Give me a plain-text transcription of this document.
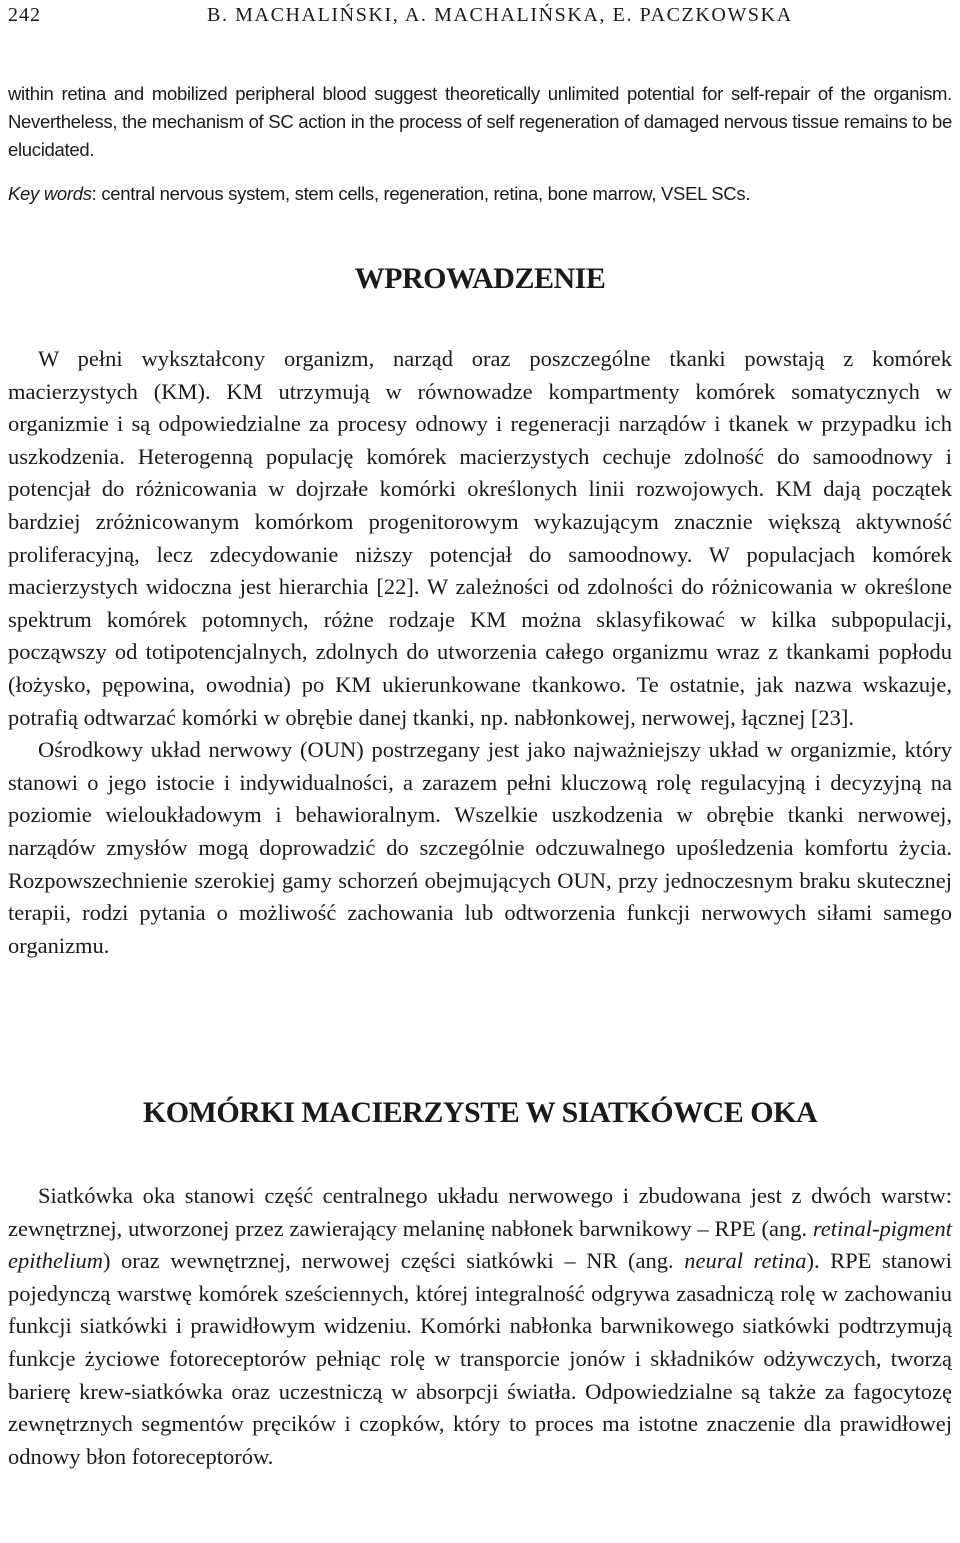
242	B. MACHALIŃSKI, A. MACHALIŃSKA, E. PACZKOWSKA

within retina and mobilized peripheral blood suggest theoretically unlimited potential for self-repair of the organism. Nevertheless, the mechanism of SC action in the process of self regeneration of damaged nervous tissue remains to be elucidated.

Key words: central nervous system, stem cells, regeneration, retina, bone marrow, VSEL SCs.
WPROWADZENIE

W pełni wykształcony organizm, narząd oraz poszczególne tkanki powstają z komórek macierzystych (KM). KM utrzymują w równowadze kompartmenty komórek somatycznych w organizmie i są odpowiedzialne za procesy odnowy i regeneracji narządów i tkanek w przypadku ich uszkodzenia. Heterogenną populację komórek macierzystych cechuje zdolność do samoodnowy i potencjał do różnicowania w dojrzałe komórki określonych linii rozwojowych. KM dają początek bardziej zróżnicowanym komórkom progenitorowym wykazującym znacznie większą aktywność proliferacyjną, lecz zdecydowanie niższy potencjał do samoodnowy. W populacjach komórek macierzystych widoczna jest hierarchia [22]. W zależności od zdolności do różnicowania w określone spektrum komórek potomnych, różne rodzaje KM można sklasyfikować w kilka subpopulacji, począwszy od totipotencjalnych, zdolnych do utworzenia całego organizmu wraz z tkankami popłodu (łożysko, pępowina, owodnia) po KM ukierunkowane tkankowo. Te ostatnie, jak nazwa wskazuje, potrafią odtwarzać komórki w obrębie danej tkanki, np. nabłonkowej, nerwowej, łącznej [23].

Ośrodkowy układ nerwowy (OUN) postrzegany jest jako najważniejszy układ w organizmie, który stanowi o jego istocie i indywidualności, a zarazem pełni kluczową rolę regulacyjną i decyzyjną na poziomie wieloukładowym i behawioralnym. Wszelkie uszkodzenia w obrębie tkanki nerwowej, narządów zmysłów mogą doprowadzić do szczególnie odczuwalnego upośledzenia komfortu życia. Rozpowszechnienie szerokiej gamy schorzeń obejmujących OUN, przy jednoczesnym braku skutecznej terapii, rodzi pytania o możliwość zachowania lub odtworzenia funkcji nerwowych siłami samego organizmu.

KOMÓRKI MACIERZYSTE W SIATKÓWCE OKA

Siatkówka oka stanowi część centralnego układu nerwowego i zbudowana jest z dwóch warstw: zewnętrznej, utworzonej przez zawierający melaninę nabłonek barwnikowy – RPE (ang. retinal-pigment epithelium) oraz wewnętrznej, nerwowej części siatkówki – NR (ang. neural retina). RPE stanowi pojedynczą warstwę komórek sześciennych, której integralność odgrywa zasadniczą rolę w zachowaniu funkcji siatkówki i prawidłowym widzeniu. Komórki nabłonka barwnikowego siatkówki podtrzymują funkcje życiowe fotoreceptorów pełniąc rolę w transporcie jonów i składników odżywczych, tworzą barierę krew-siatkówka oraz uczestniczą w absorpcji światła. Odpowiedzialne są także za fagocytozę zewnętrznych segmentów pręcików i czopków, który to proces ma istotne znaczenie dla prawidłowej odnowy błon fotoreceptorów.
